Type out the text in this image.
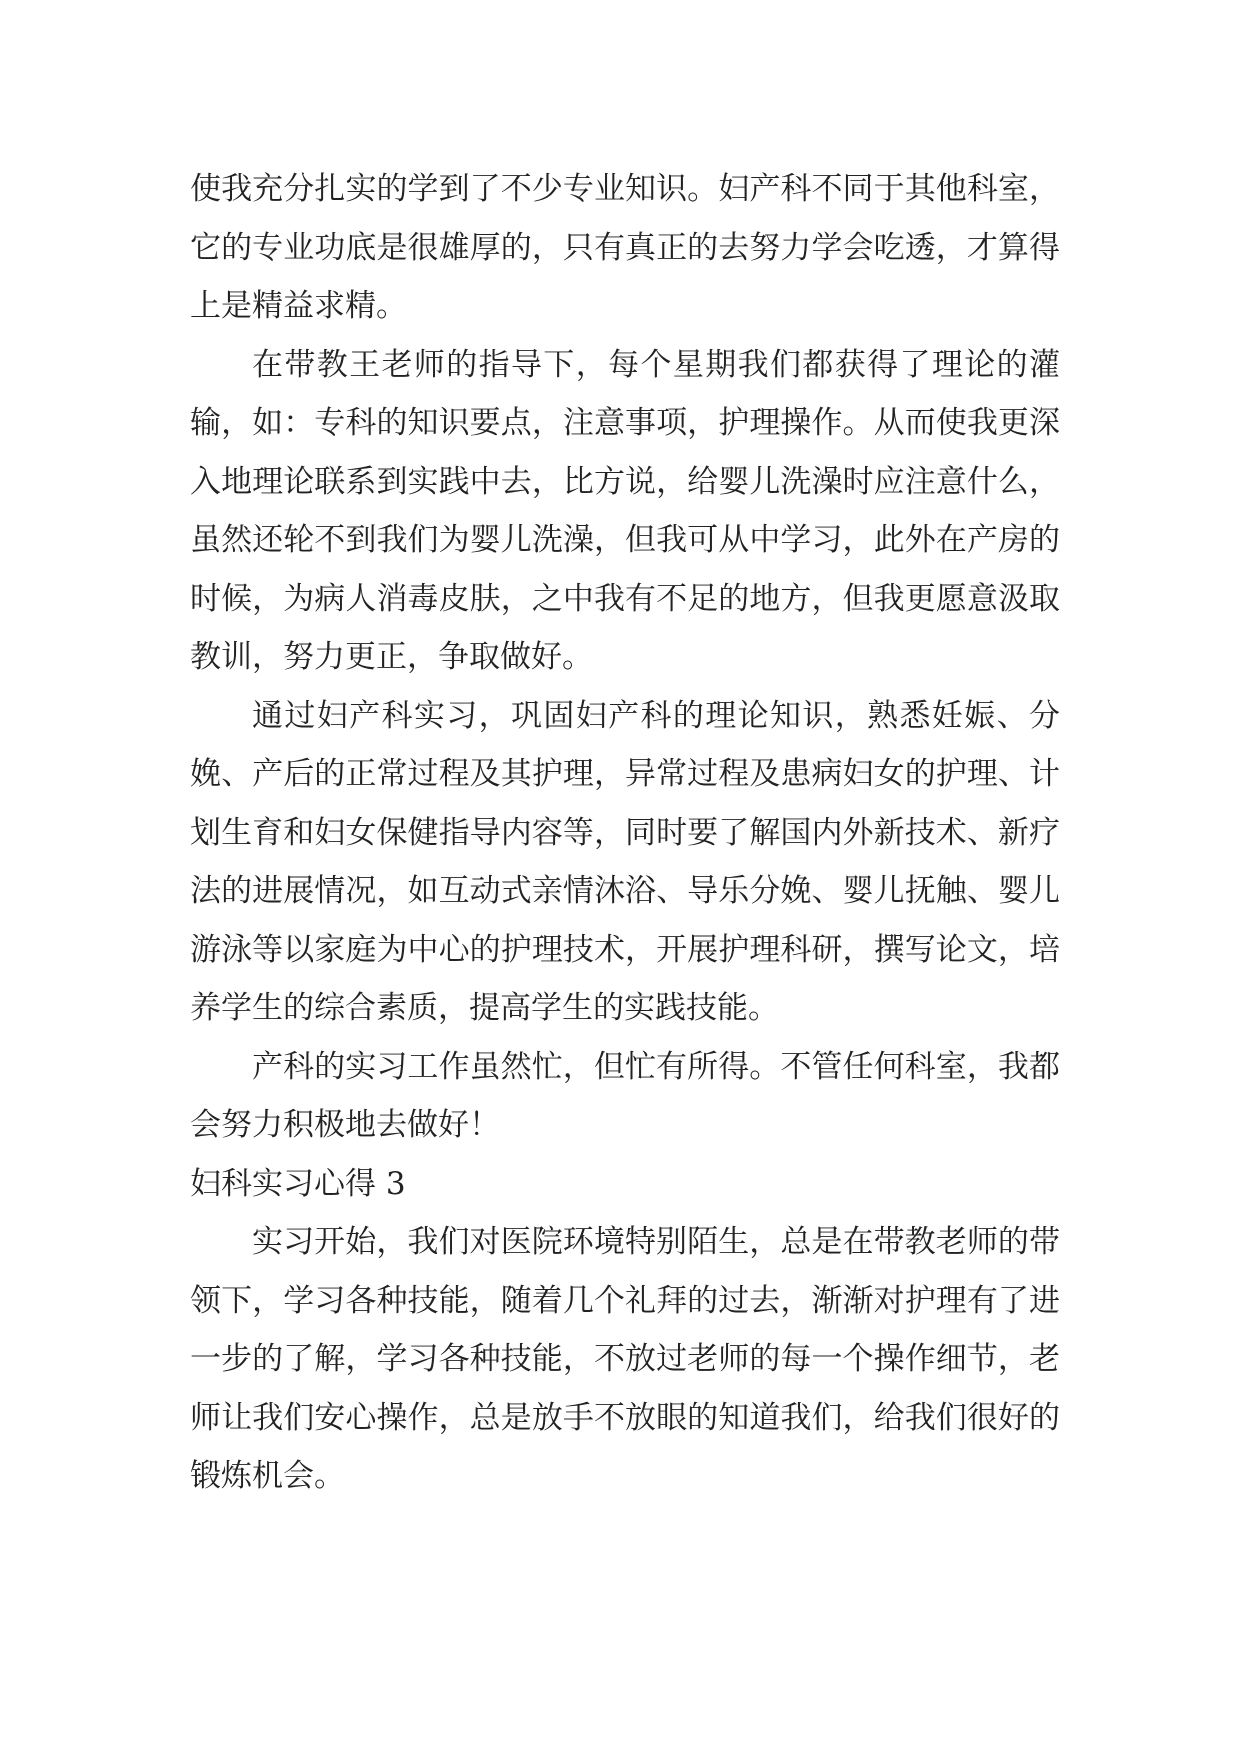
使我充分扎实的学到了不少专业知识。妇产科不同于其他科室，它的专业功底是很雄厚的，只有真正的去努力学会吃透，才算得上是精益求精。

在带教王老师的指导下，每个星期我们都获得了理论的灌输，如：专科的知识要点，注意事项，护理操作。从而使我更深入地理论联系到实践中去，比方说，给婴儿洗澡时应注意什么，虽然还轮不到我们为婴儿洗澡，但我可从中学习，此外在产房的时候，为病人消毒皮肤，之中我有不足的地方，但我更愿意汲取教训，努力更正，争取做好。

通过妇产科实习，巩固妇产科的理论知识，熟悉妊娠、分娩、产后的正常过程及其护理，异常过程及患病妇女的护理、计划生育和妇女保健指导内容等，同时要了解国内外新技术、新疗法的进展情况，如互动式亲情沐浴、导乐分娩、婴儿抚触、婴儿游泳等以家庭为中心的护理技术，开展护理科研，撰写论文，培养学生的综合素质，提高学生的实践技能。

产科的实习工作虽然忙，但忙有所得。不管任何科室，我都会努力积极地去做好！

妇科实习心得 3

实习开始，我们对医院环境特别陌生，总是在带教老师的带领下，学习各种技能，随着几个礼拜的过去，渐渐对护理有了进一步的了解，学习各种技能，不放过老师的每一个操作细节，老师让我们安心操作，总是放手不放眼的知道我们，给我们很好的锻炼机会。
